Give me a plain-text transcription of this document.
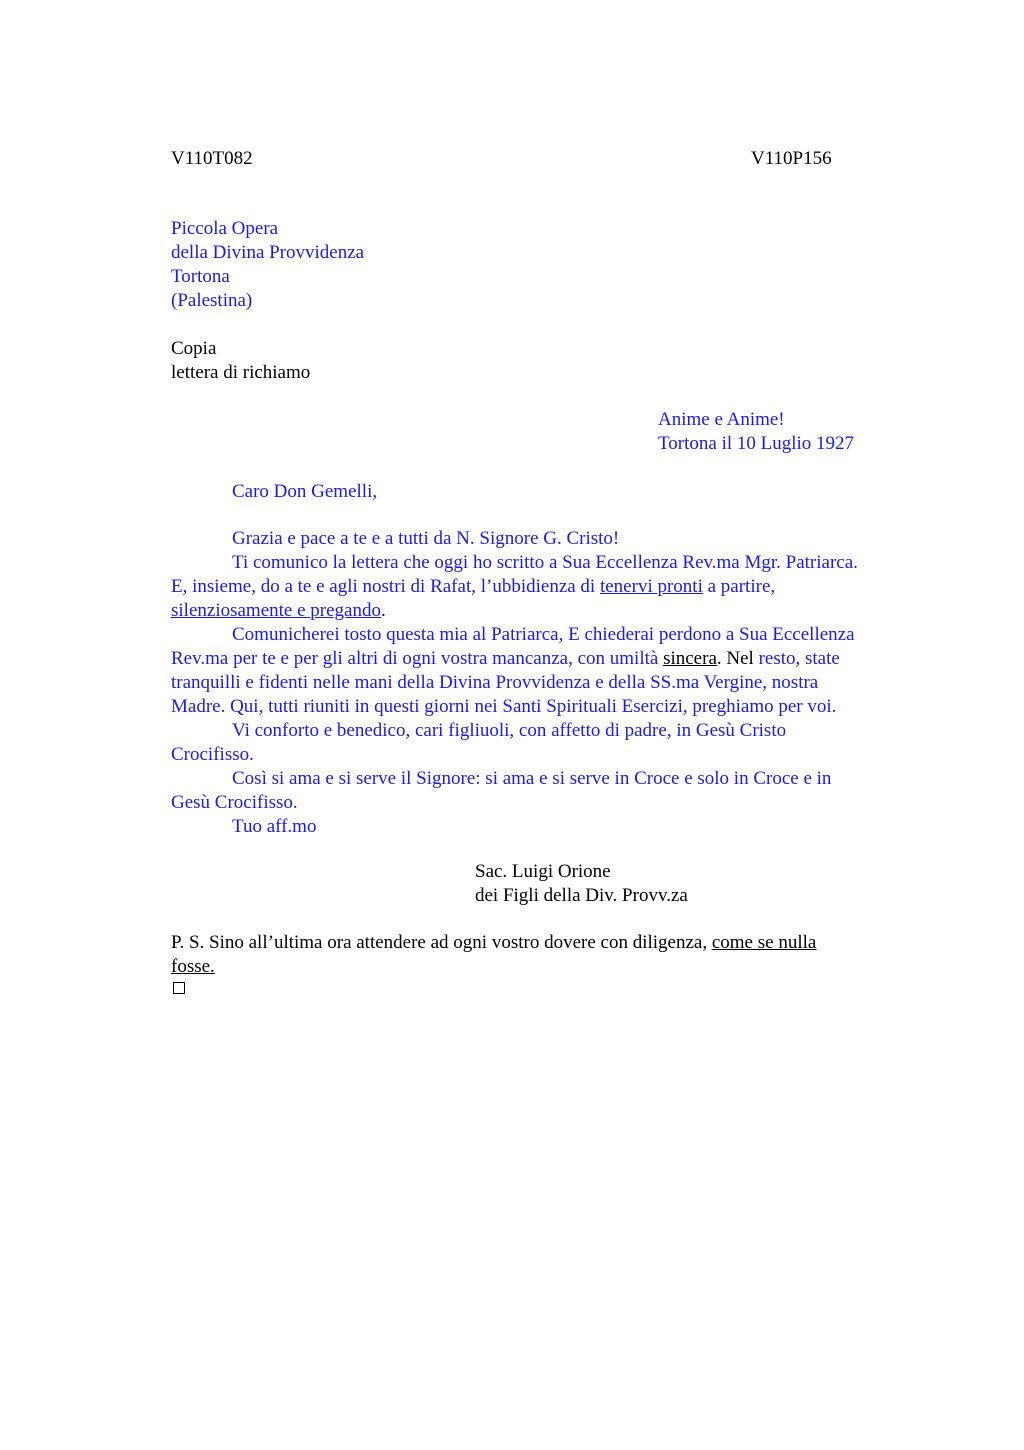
V110T082	V110P156
Piccola Opera
della Divina Provvidenza
Tortona
(Palestina)
Copia
lettera di richiamo
Anime e Anime!
Tortona il 10 Luglio 1927
Caro Don Gemelli,
Grazia e pace a te e a tutti da N. Signore G. Cristo!
Ti comunico la lettera che oggi ho scritto a Sua Eccellenza Rev.ma Mgr. Patriarca.
E, insieme, do a te e agli nostri di Rafat, l’ubbidienza di tenervi pronti a partire,
silenziosamente e pregando.
Comunicherei tosto questa mia al Patriarca, E chiederai perdono a Sua Eccellenza
Rev.ma per te e per gli altri di ogni vostra mancanza, con umiltà sincera. Nel resto, state
tranquilli e fidenti nelle mani della Divina Provvidenza e della SS.ma Vergine, nostra
Madre. Qui, tutti riuniti in questi giorni nei Santi Spirituali Esercizi, preghiamo per voi.
Vi conforto e benedico, cari figliuoli, con affetto di padre, in Gesù Cristo
Crocifisso.
Così si ama e si serve il Signore: si ama e si serve in Croce e solo in Croce e in
Gesù Crocifisso.
Tuo aff.mo
Sac. Luigi Orione
dei Figli della Div. Provv.za
P. S. Sino all’ultima ora attendere ad ogni vostro dovere con diligenza, come se nulla
fosse.
